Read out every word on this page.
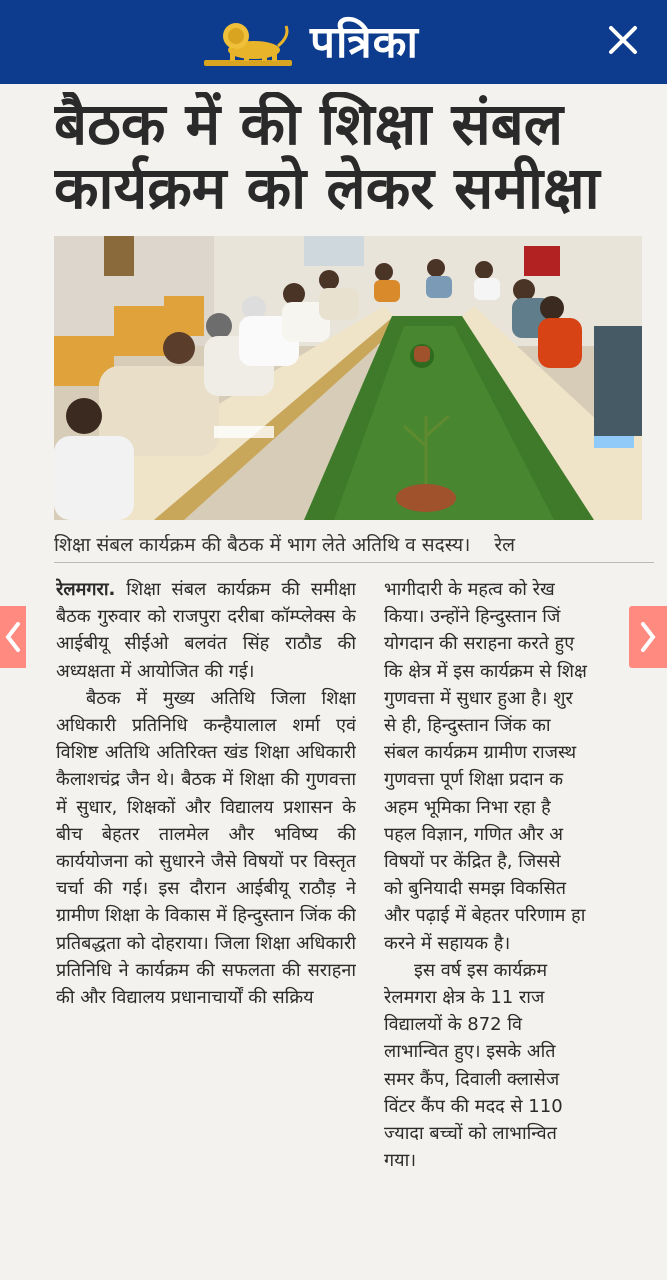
पत्रिका
बैठक में की शिक्षा संबल
कार्यक्रम को लेकर समीक्षा
शिक्षा संबल कार्यक्रम की बैठक में भाग लेते अतिथि व सदस्य। रेल

रेलमगरा. शिक्षा संबल कार्यक्रम की समीक्षा बैठक गुरुवार को राजपुरा दरीबा कॉम्प्लेक्स के आईबीयू सीईओ बलवंत सिंह राठौड की अध्यक्षता में आयोजित की गई।

बैठक में मुख्य अतिथि जिला शिक्षा अधिकारी प्रतिनिधि कन्हैयालाल शर्मा एवं विशिष्ट अतिथि अतिरिक्त खंड शिक्षा अधिकारी कैलाशचंद्र जैन थे। बैठक में शिक्षा की गुणवत्ता में सुधार, शिक्षकों और विद्यालय प्रशासन के बीच बेहतर तालमेल और भविष्य की कार्ययोजना को सुधारने जैसे विषयों पर विस्तृत चर्चा की गई। इस दौरान आईबीयू राठौड़ ने ग्रामीण शिक्षा के विकास में हिन्दुस्तान जिंक की प्रतिबद्धता को दोहराया। जिला शिक्षा अधिकारी प्रतिनिधि ने कार्यक्रम की सफलता की सराहना की और विद्यालय प्रधानाचार्यों की सक्रिय

भागीदारी के महत्व को रेख
किया। उन्होंने हिन्दुस्तान जिं
योगदान की सराहना करते हुए
कि क्षेत्र में इस कार्यक्रम से शिक्ष
गुणवत्ता में सुधार हुआ है। शुर
से ही, हिन्दुस्तान जिंक का
संबल कार्यक्रम ग्रामीण राजस्थ
गुणवत्ता पूर्ण शिक्षा प्रदान क
अहम भूमिका निभा रहा है
पहल विज्ञान, गणित और अ
विषयों पर केंद्रित है, जिससे
को बुनियादी समझ विकसित
और पढ़ाई में बेहतर परिणाम हा
करने में सहायक है।
इस वर्ष इस कार्यक्रम
रेलमगरा क्षेत्र के 11 राज
विद्यालयों के 872 वि
लाभान्वित हुए। इसके अति
समर कैंप, दिवाली क्लासेज
विंटर कैंप की मदद से 110
ज्यादा बच्चों को लाभान्वित
गया।
